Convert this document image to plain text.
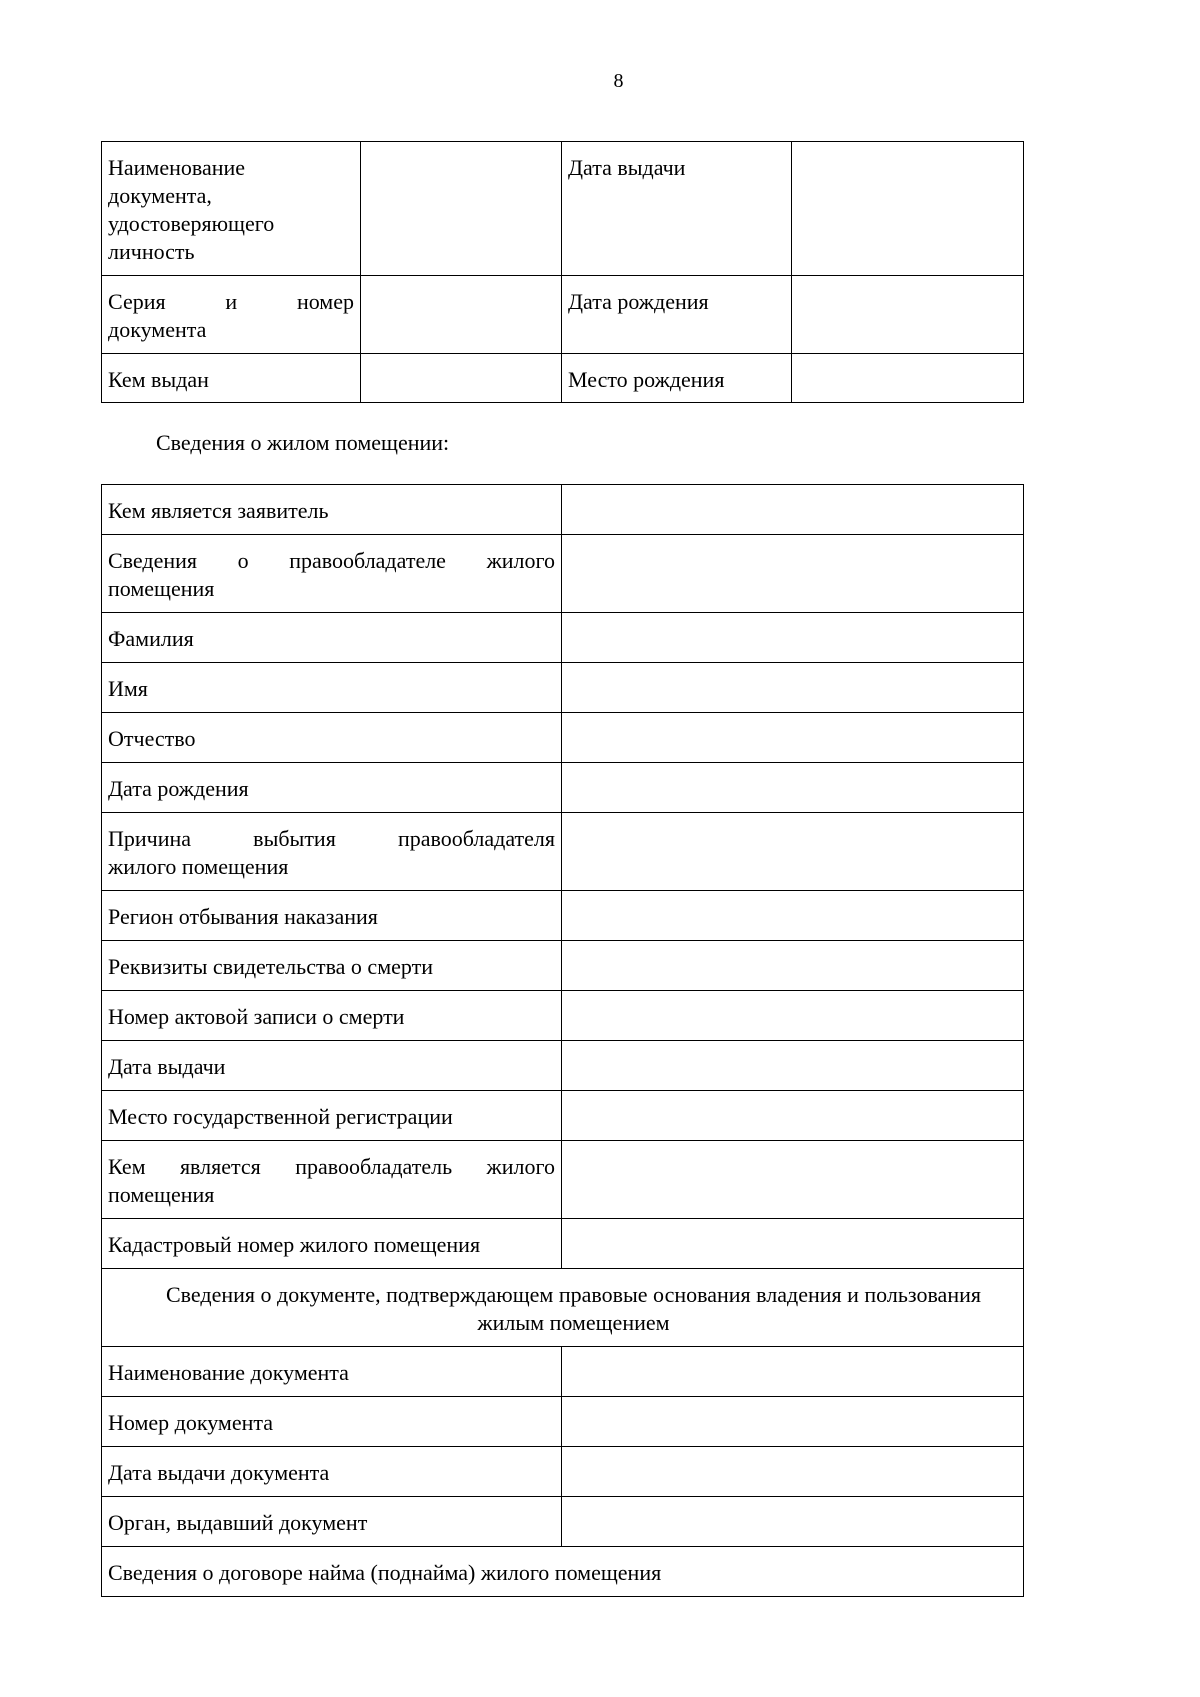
8
Наименование документа, удостоверяющего личность		Дата выдачи	

Серия и номер
документа		Дата рождения	
Кем выдан		Место рождения	
Сведения о жилом помещении:
Кем является заявитель	

Сведения о правообладателе жилого
помещения	

Фамилия	
Имя	
Отчество	
Дата рождения	

Причина выбытия правообладателя
жилого помещения	

Регион отбывания наказания	
Реквизиты свидетельства о смерти	
Номер актовой записи о смерти	
Дата выдачи	
Место государственной регистрации	

Кем является правообладатель жилого
помещения	

Кадастровый номер жилого помещения	
Сведения о документе, подтверждающем правовые основания владения и пользования жилым помещением	
Наименование документа	
Номер документа	
Дата выдачи документа	
Орган, выдавший документ	
Сведения о договоре найма (поднайма) жилого помещения	
